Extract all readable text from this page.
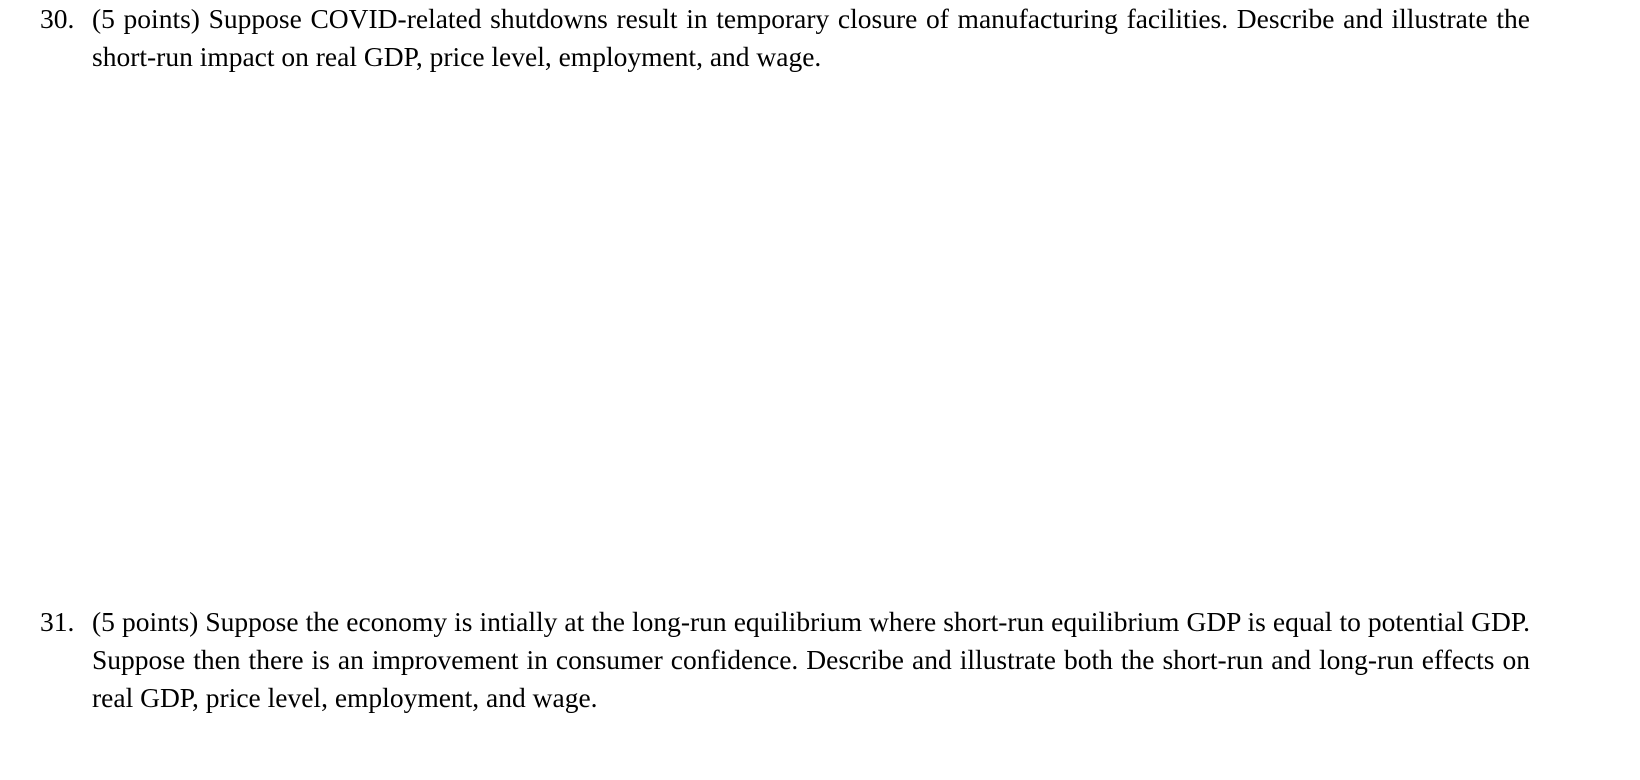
30. (5 points) Suppose COVID-related shutdowns result in temporary closure of manufacturing facilities. Describe and illustrate the short-run impact on real GDP, price level, employment, and wage.
31. (5 points) Suppose the economy is intially at the long-run equilibrium where short-run equilibrium GDP is equal to potential GDP. Suppose then there is an improvement in consumer confidence. Describe and illustrate both the short-run and long-run effects on real GDP, price level, employment, and wage.
